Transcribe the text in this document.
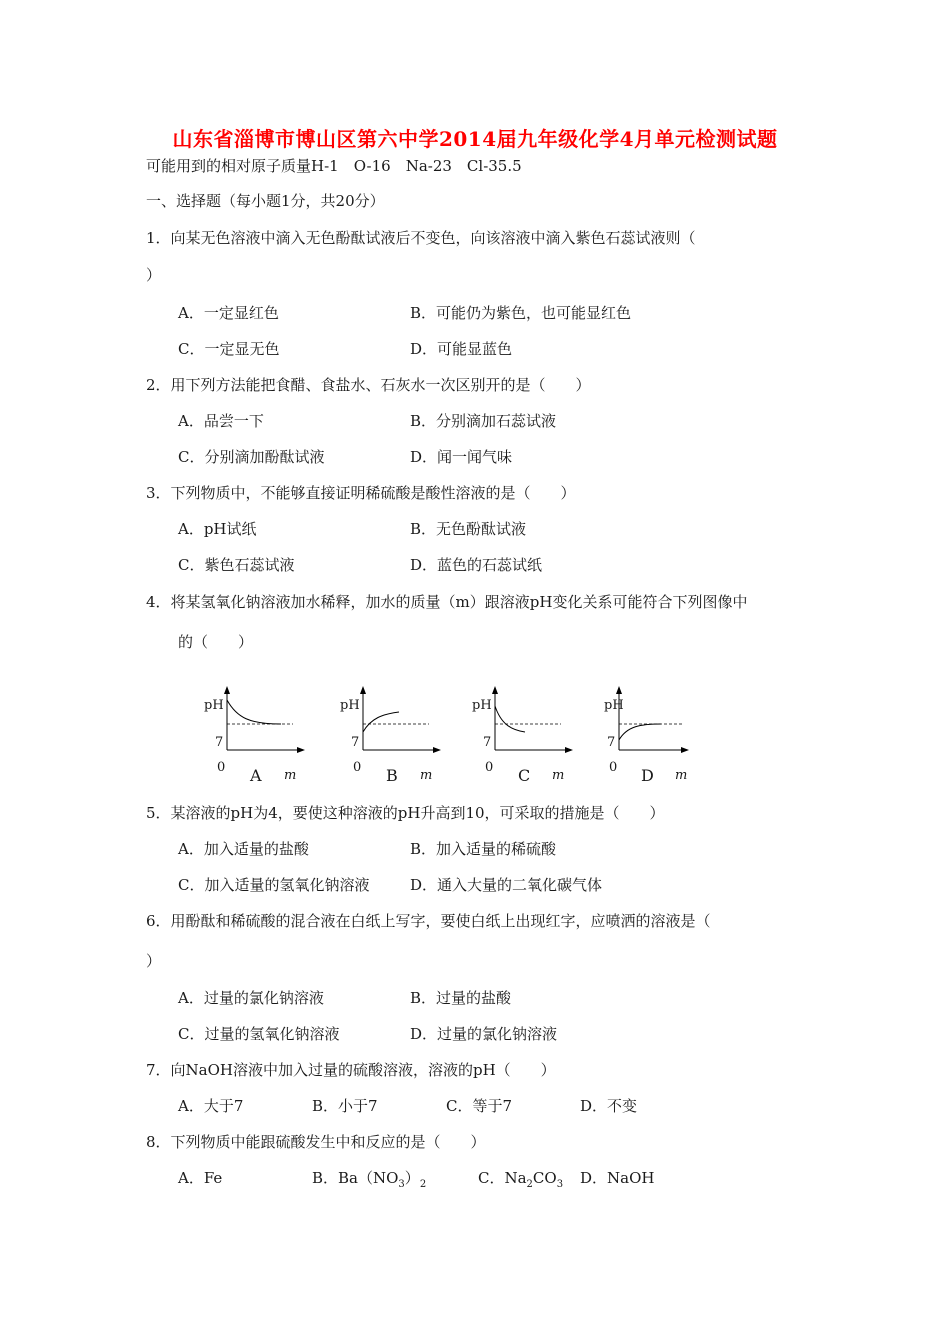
山东省淄博市博山区第六中学2014届九年级化学4月单元检测试题
可能用到的相对原子质量H-1　O-16　Na-23　Cl-35.5
一、选择题（每小题1分，共20分）
1．向某无色溶液中滴入无色酚酞试液后不变色，向该溶液中滴入紫色石蕊试液则（
）
A．一定显红色	B．可能仍为紫色，也可能显红色
C．一定显无色	D．可能显蓝色
2．用下列方法能把食醋、食盐水、石灰水一次区别开的是（　　）
A．品尝一下	B．分别滴加石蕊试液
C．分别滴加酚酞试液	D．闻一闻气味
3．下列物质中，不能够直接证明稀硫酸是酸性溶液的是（　　）
A．pH试纸	B．无色酚酞试液
C．紫色石蕊试液	D．蓝色的石蕊试纸
4．将某氢氧化钠溶液加水稀释，加水的质量（m）跟溶液pH变化关系可能符合下列图像中
的（　　）
pH
7
0 A m
pH
7
0 B m
pH
7
0 C m
pH
7
0 D m
5．某溶液的pH为4，要使这种溶液的pH升高到10，可采取的措施是（　　）
A．加入适量的盐酸	B．加入适量的稀硫酸
C．加入适量的氢氧化钠溶液	D．通入大量的二氧化碳气体
6．用酚酞和稀硫酸的混合液在白纸上写字，要使白纸上出现红字，应喷洒的溶液是（
）
A．过量的氯化钠溶液	B．过量的盐酸
C．过量的氢氧化钠溶液	D．过量的氯化钠溶液
7．向NaOH溶液中加入过量的硫酸溶液，溶液的pH（　　）
A．大于7	B．小于7	C．等于7	D．不变
8．下列物质中能跟硫酸发生中和反应的是（　　）
A．Fe	B．$Ba(NO_3)_2$	C．$Na_2CO_3$ D．NaOH
